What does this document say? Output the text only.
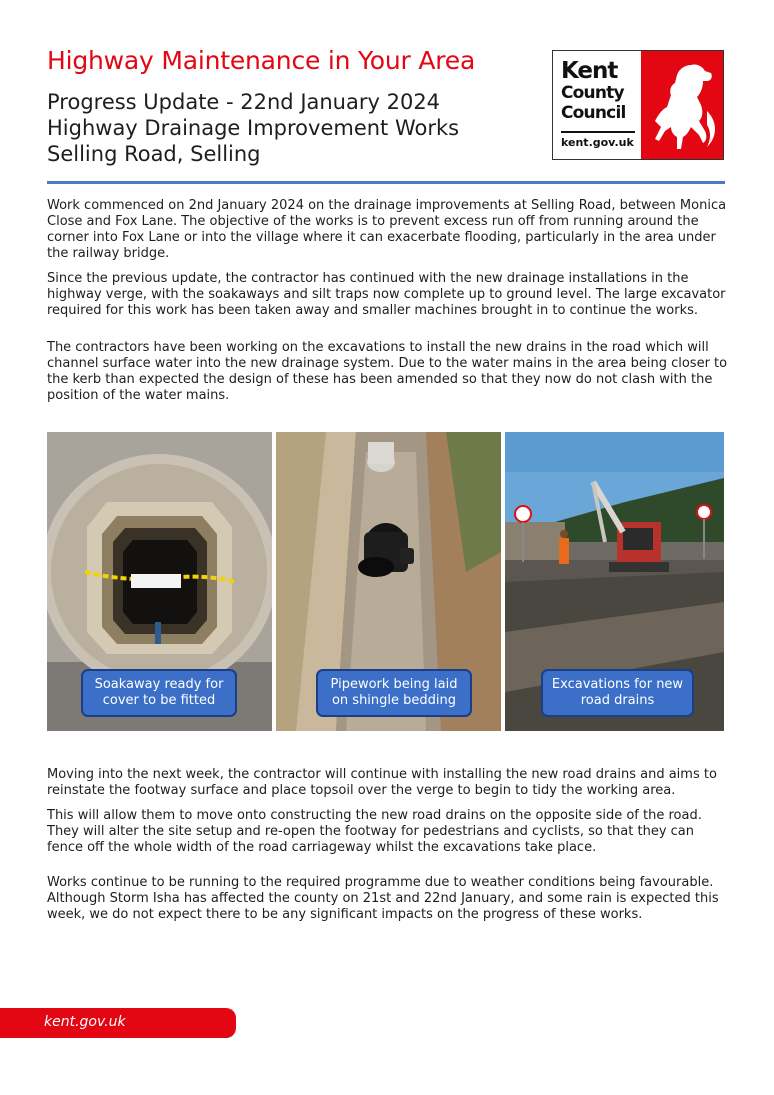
Highway Maintenance in Your Area
Progress Update - 22nd January 2024
Highway Drainage Improvement Works
Selling Road, Selling
Kent
County
Council
kent.gov.uk

Work commenced on 2nd January 2024 on the drainage improvements at Selling Road, between Monica Close and Fox Lane. The objective of the works is to prevent excess run off from running around the corner into Fox Lane or into the village where it can exacerbate flooding, particularly in the area under the railway bridge.

Since the previous update, the contractor has continued with the new drainage installations in the highway verge, with the soakaways and silt traps now complete up to ground level. The large excavator required for this work has been taken away and smaller machines brought in to continue the works.

The contractors have been working on the excavations to install the new drains in the road which will channel surface water into the new drainage system. Due to the water mains in the area being closer to the kerb than expected the design of these has been amended so that they now do not clash with the position of the water mains.

Soakaway ready for cover to be fitted
Pipework being laid on shingle bedding
Excavations for new road drains

Moving into the next week, the contractor will continue with installing the new road drains and aims to reinstate the footway surface and place topsoil over the verge to begin to tidy the working area.

This will allow them to move onto constructing the new road drains on the opposite side of the road. They will alter the site setup and re-open the footway for pedestrians and cyclists, so that they can fence off the whole width of the road carriageway whilst the excavations take place.

Works continue to be running to the required programme due to weather conditions being favourable. Although Storm Isha has affected the county on 21st and 22nd January, and some rain is expected this week, we do not expect there to be any significant impacts on the progress of these works.

kent.gov.uk
